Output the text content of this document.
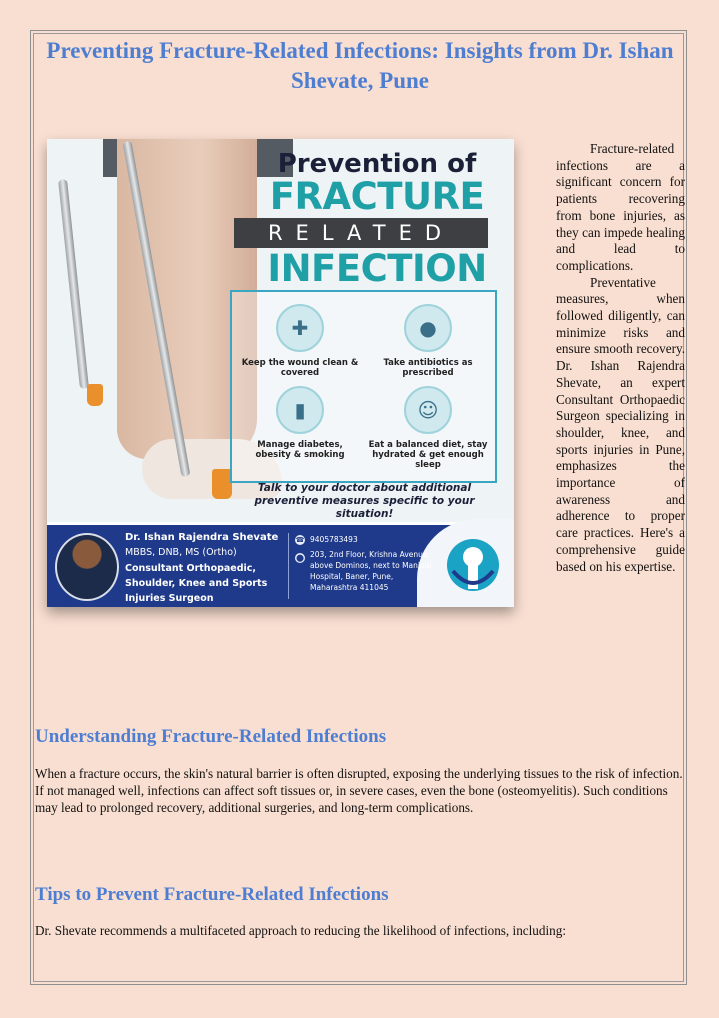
Preventing Fracture-Related Infections: Insights from Dr. Ishan Shevate, Pune
Prevention of
FRACTURE
RELATED
INFECTION
✚
Keep the wound clean & covered
●
Take antibiotics as prescribed
▮
Manage diabetes, obesity & smoking
☺
Eat a balanced diet, stay hydrated & get enough sleep
Talk to your doctor about additional preventive measures specific to your situation!
Dr. Ishan Rajendra Shevate
MBBS, DNB, MS (Ortho)
Consultant Orthopaedic, Shoulder, Knee and Sports Injuries Surgeon
☎ 9405783493
⬤ 203, 2nd Floor, Krishna Avenue, above Dominos, next to Manipal Hospital, Baner, Pune, Maharashtra 411045
Fracture-related infections are a significant concern for patients recovering from bone injuries, as they can impede healing and lead to complications.
Preventative measures, when followed diligently, can minimize risks and ensure smooth recovery. Dr. Ishan Rajendra Shevate, an expert Consultant Orthopaedic Surgeon specializing in shoulder, knee, and sports injuries in Pune, emphasizes the importance of awareness and adherence to proper care practices. Here's a comprehensive guide based on his expertise.
Understanding Fracture-Related Infections
When a fracture occurs, the skin's natural barrier is often disrupted, exposing the underlying tissues to the risk of infection. If not managed well, infections can affect soft tissues or, in severe cases, even the bone (osteomyelitis). Such conditions may lead to prolonged recovery, additional surgeries, and long-term complications.
Tips to Prevent Fracture-Related Infections
Dr. Shevate recommends a multifaceted approach to reducing the likelihood of infections, including:
